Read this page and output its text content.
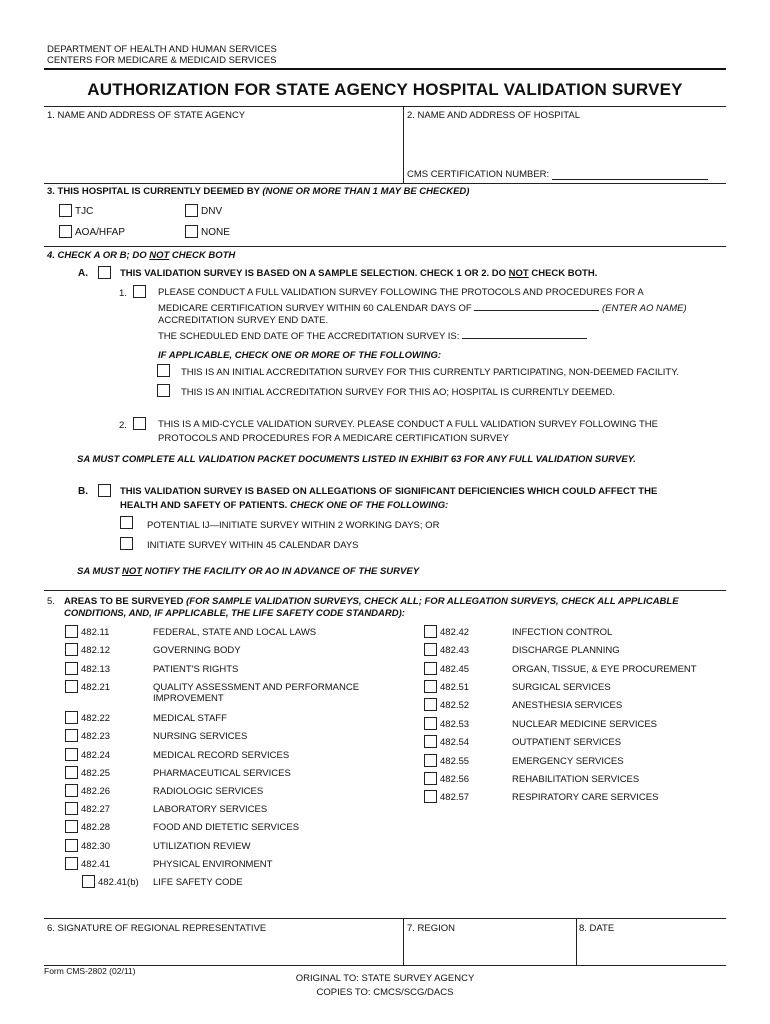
DEPARTMENT OF HEALTH AND HUMAN SERVICES
CENTERS FOR MEDICARE & MEDICAID SERVICES
AUTHORIZATION FOR STATE AGENCY HOSPITAL VALIDATION SURVEY
1. NAME AND ADDRESS OF STATE AGENCY	2. NAME AND ADDRESS OF HOSPITAL
CMS CERTIFICATION NUMBER:
3. THIS HOSPITAL IS CURRENTLY DEEMED BY (NONE OR MORE THAN 1 MAY BE CHECKED)
TJC	DNV
AOA/HFAP	NONE
4. CHECK A OR B; DO NOT CHECK BOTH
A.	THIS VALIDATION SURVEY IS BASED ON A SAMPLE SELECTION. CHECK 1 OR 2. DO NOT CHECK BOTH.
1.	PLEASE CONDUCT A FULL VALIDATION SURVEY FOLLOWING THE PROTOCOLS AND PROCEDURES FOR A
MEDICARE CERTIFICATION SURVEY WITHIN 60 CALENDAR DAYS OF	(ENTER AO NAME)
ACCREDITATION SURVEY END DATE.
THE SCHEDULED END DATE OF THE ACCREDITATION SURVEY IS:
IF APPLICABLE, CHECK ONE OR MORE OF THE FOLLOWING:
THIS IS AN INITIAL ACCREDITATION SURVEY FOR THIS CURRENTLY PARTICIPATING, NON-DEEMED FACILITY.
THIS IS AN INITIAL ACCREDITATION SURVEY FOR THIS AO; HOSPITAL IS CURRENTLY DEEMED.
2.	THIS IS A MID-CYCLE VALIDATION SURVEY. PLEASE CONDUCT A FULL VALIDATION SURVEY FOLLOWING THE
PROTOCOLS AND PROCEDURES FOR A MEDICARE CERTIFICATION SURVEY
SA MUST COMPLETE ALL VALIDATION PACKET DOCUMENTS LISTED IN EXHIBIT 63 FOR ANY FULL VALIDATION SURVEY.
B.	THIS VALIDATION SURVEY IS BASED ON ALLEGATIONS OF SIGNIFICANT DEFICIENCIES WHICH COULD AFFECT THE
HEALTH AND SAFETY OF PATIENTS. CHECK ONE OF THE FOLLOWING:
POTENTIAL IJ—INITIATE SURVEY WITHIN 2 WORKING DAYS; OR
INITIATE SURVEY WITHIN 45 CALENDAR DAYS
SA MUST NOT NOTIFY THE FACILITY OR AO IN ADVANCE OF THE SURVEY
5. AREAS TO BE SURVEYED (FOR SAMPLE VALIDATION SURVEYS, CHECK ALL; FOR ALLEGATION SURVEYS, CHECK ALL APPLICABLE
CONDITIONS, AND, IF APPLICABLE, THE LIFE SAFETY CODE STANDARD):
482.11	FEDERAL, STATE AND LOCAL LAWS
482.12	GOVERNING BODY
482.13	PATIENT'S RIGHTS
482.21	QUALITY ASSESSMENT AND PERFORMANCE
IMPROVEMENT
482.22	MEDICAL STAFF
482.23	NURSING SERVICES
482.24	MEDICAL RECORD SERVICES
482.25	PHARMACEUTICAL SERVICES
482.26	RADIOLOGIC SERVICES
482.27	LABORATORY SERVICES
482.28	FOOD AND DIETETIC SERVICES
482.30	UTILIZATION REVIEW
482.41	PHYSICAL ENVIRONMENT
482.41(b) LIFE SAFETY CODE
482.42	INFECTION CONTROL
482.43	DISCHARGE PLANNING
482.45	ORGAN, TISSUE, & EYE PROCUREMENT
482.51	SURGICAL SERVICES
482.52	ANESTHESIA SERVICES
482.53	NUCLEAR MEDICINE SERVICES
482.54	OUTPATIENT SERVICES
482.55	EMERGENCY SERVICES
482.56	REHABILITATION SERVICES
482.57	RESPIRATORY CARE SERVICES
6. SIGNATURE OF REGIONAL REPRESENTATIVE	7. REGION	8. DATE
Form CMS-2802 (02/11)
ORIGINAL TO: STATE SURVEY AGENCY
COPIES TO: CMCS/SCG/DACS
